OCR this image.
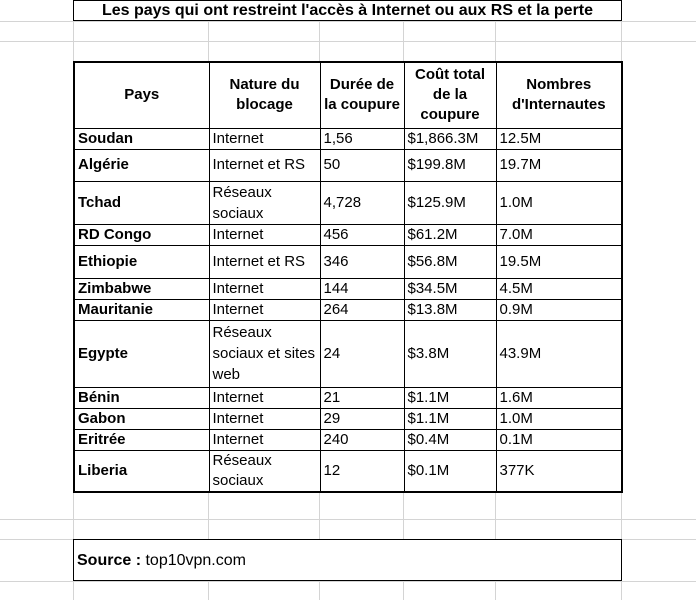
Les pays qui ont restreint l'accès à Internet ou aux RS et la perte
Pays	Nature du blocage	Durée de la coupure	Coût total de la coupure	Nombres d'Internautes
Soudan	Internet	1,56	$1,866.3M	12.5M
Algérie	Internet et RS	50	$199.8M	19.7M
Tchad	Réseaux sociaux	4,728	$125.9M	1.0M
RD Congo	Internet	456	$61.2M	7.0M
Ethiopie	Internet et RS	346	$56.8M	19.5M
Zimbabwe	Internet	144	$34.5M	4.5M
Mauritanie	Internet	264	$13.8M	0.9M
Egypte	Réseaux sociaux et sites web	24	$3.8M	43.9M
Bénin	Internet	21	$1.1M	1.6M
Gabon	Internet	29	$1.1M	1.0M
Eritrée	Internet	240	$0.4M	0.1M
Liberia	Réseaux sociaux	12	$0.1M	377K
Source : top10vpn.com
